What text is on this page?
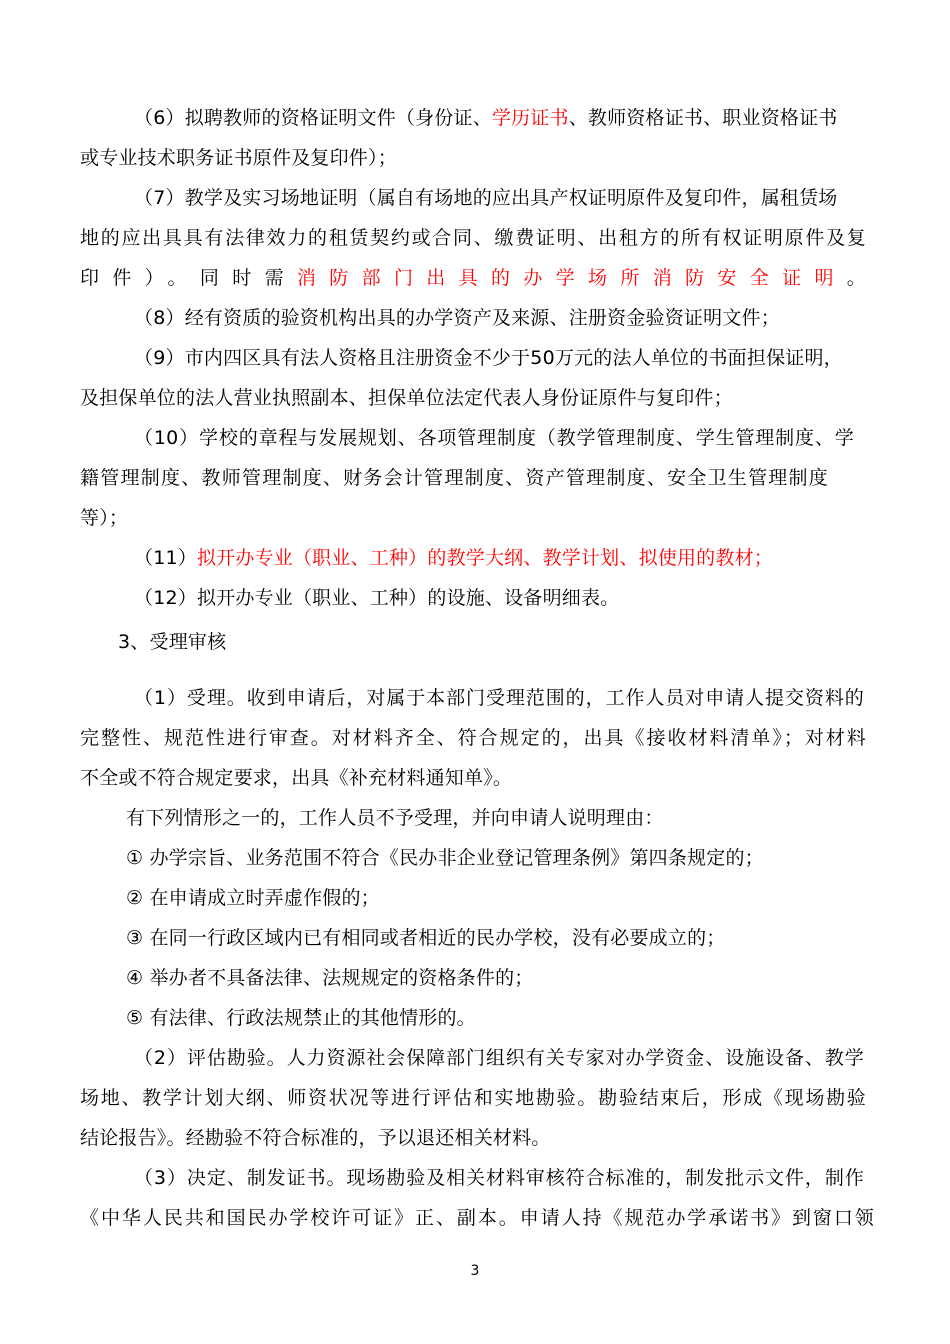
（6）拟聘教师的资格证明文件（身份证、学历证书、教师资格证书、职业资格证书
或专业技术职务证书原件及复印件）；
（7）教学及实习场地证明（属自有场地的应出具产权证明原件及复印件，属租赁场
地的应出具具有法律效力的租赁契约或合同、缴费证明、出租方的所有权证明原件及复
印件）。同时需消防部门出具的办学场所消防安全证明。
（8）经有资质的验资机构出具的办学资产及来源、注册资金验资证明文件；
（9）市内四区具有法人资格且注册资金不少于50万元的法人单位的书面担保证明，
及担保单位的法人营业执照副本、担保单位法定代表人身份证原件与复印件；
（10）学校的章程与发展规划、各项管理制度（教学管理制度、学生管理制度、学
籍管理制度、教师管理制度、财务会计管理制度、资产管理制度、安全卫生管理制度
等）；
（11）拟开办专业（职业、工种）的教学大纲、教学计划、拟使用的教材；
（12）拟开办专业（职业、工种）的设施、设备明细表。
3、受理审核
（1）受理。收到申请后，对属于本部门受理范围的，工作人员对申请人提交资料的
完整性、规范性进行审查。对材料齐全、符合规定的，出具《接收材料清单》；对材料
不全或不符合规定要求，出具《补充材料通知单》。
有下列情形之一的，工作人员不予受理，并向申请人说明理由：
① 办学宗旨、业务范围不符合《民办非企业登记管理条例》第四条规定的；
② 在申请成立时弄虚作假的；
③ 在同一行政区域内已有相同或者相近的民办学校，没有必要成立的；
④ 举办者不具备法律、法规规定的资格条件的；
⑤ 有法律、行政法规禁止的其他情形的。
（2）评估勘验。人力资源社会保障部门组织有关专家对办学资金、设施设备、教学
场地、教学计划大纲、师资状况等进行评估和实地勘验。勘验结束后，形成《现场勘验
结论报告》。经勘验不符合标准的，予以退还相关材料。
（3）决定、制发证书。现场勘验及相关材料审核符合标准的，制发批示文件，制作
《中华人民共和国民办学校许可证》正、副本。申请人持《规范办学承诺书》到窗口领
3
